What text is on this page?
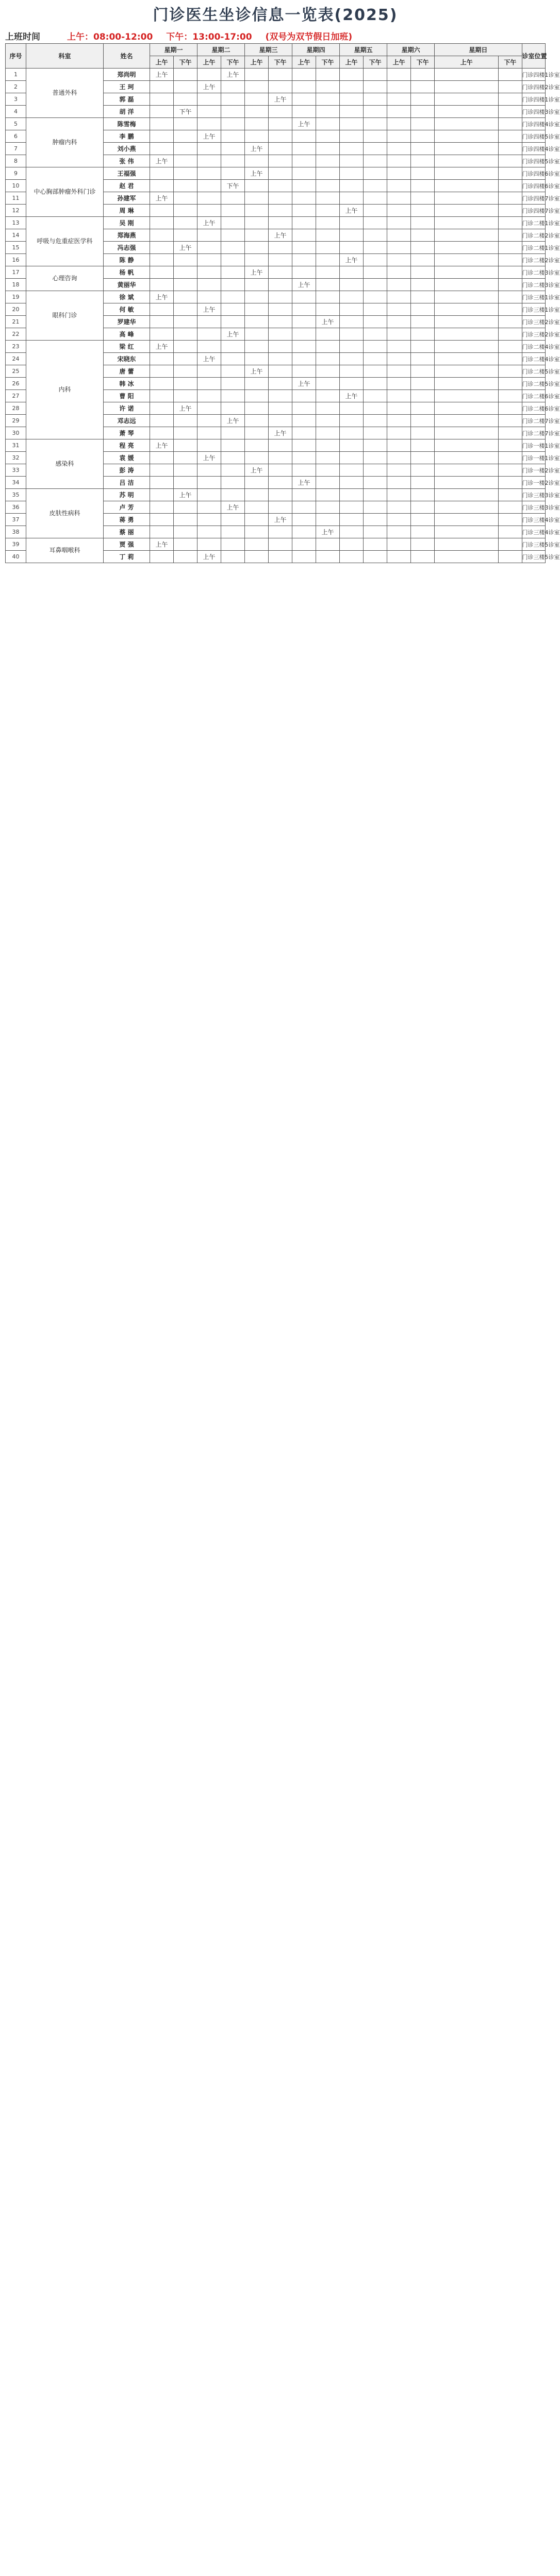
门诊医生坐诊信息一览表(2025)
上班时间	上午：08:00-12:00 下午：13:00-17:00 (双号为双节假日加班)
序号	科室	姓名	星期一		星期二		星期三		星期四		星期五		星期六		星期日		诊室位置
			上午	下午	上午	下午	上午	下午	上午	下午	上午	下午	上午	下午	上午	下午	
1	普通外科	郑尚明	上午			上午											门诊四楼1诊室
2		王 珂			上午												门诊四楼2诊室
3		郭 磊						上午									门诊四楼1诊室
4		胡 洋		下午													门诊四楼3诊室
5	肿瘤内科	陈雪梅							上午								门诊四楼4诊室
6		李 鹏			上午												门诊四楼5诊室
7		刘小燕					上午										门诊四楼4诊室
8		张 伟	上午														门诊四楼5诊室
9	中心胸部肿瘤外科门诊	王福强					上午										门诊四楼6诊室
10		赵 君				下午											门诊四楼6诊室
11		孙建军	上午														门诊四楼7诊室
12		周 琳									上午						门诊四楼7诊室
13	呼吸与危重症医学科	吴 刚			上午												门诊二楼1诊室
14		郑海燕						上午									门诊二楼2诊室
15		冯志强		上午													门诊二楼1诊室
16		陈 静									上午						门诊二楼2诊室
17	心理咨询	杨 帆					上午										门诊二楼3诊室
18		黄丽华							上午								门诊二楼3诊室
19	眼科门诊	徐 斌	上午														门诊三楼1诊室
20		何 敏			上午												门诊三楼1诊室
21		罗建华								上午							门诊三楼2诊室
22		高 峰				上午											门诊三楼2诊室
23	内科	梁 红	上午														门诊二楼4诊室
24		宋晓东			上午												门诊二楼4诊室
25		唐 蕾					上午										门诊二楼5诊室
26		韩 冰							上午								门诊二楼5诊室
27		曹 阳									上午						门诊二楼6诊室
28		许 诺		上午													门诊二楼6诊室
29		邓志远				上午											门诊二楼7诊室
30		萧 琴						上午									门诊二楼7诊室
31	感染科	程 亮	上午														门诊一楼1诊室
32		袁 媛			上午												门诊一楼1诊室
33		彭 涛					上午										门诊一楼2诊室
34		吕 洁							上午								门诊一楼2诊室
35	皮肤性病科	苏 明		上午													门诊三楼3诊室
36		卢 芳				上午											门诊三楼3诊室
37		蒋 勇						上午									门诊三楼4诊室
38		蔡 丽								上午							门诊三楼4诊室
39	耳鼻咽喉科	贾 强	上午														门诊三楼5诊室
40		丁 莉			上午												门诊三楼5诊室
